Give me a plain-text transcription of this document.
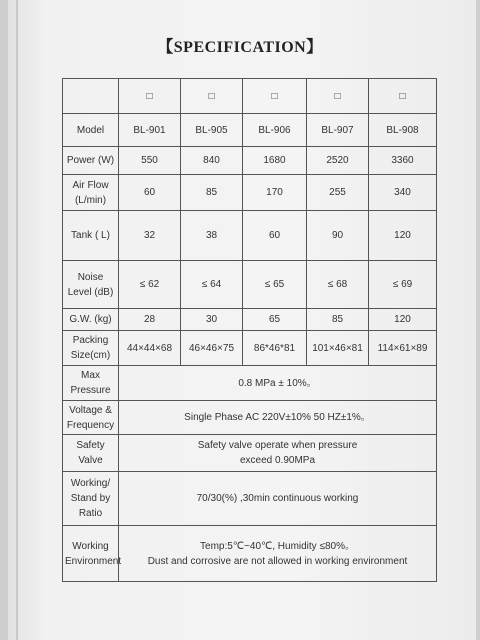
【SPECIFICATION】
	□	□	□	□	□
Model	BL-901	BL-905	BL-906	BL-907	BL-908
Power (W)	550	840	1680	2520	3360
Air Flow (L/min)	60	85	170	255	340
Tank ( L)	32	38	60	90	120
Noise Level (dB)	≤ 62	≤ 64	≤ 65	≤ 68	≤ 69
G.W. (kg)	28	30	65	85	120
Packing Size(cm)	44×44×68	46×46×75	86*46*81	101×46×81	114×61×89
Max Pressure	0.8 MPa ± 10%。				
Voltage & Frequency	Single Phase AC 220V±10% 50 HZ±1%。				
Safety Valve	Safety valve operate when pressure
exceed 0.90MPa				

Working/ Stand by Ratio	70/30(%) ,30min continuous working				
Working Environment	Temp:5℃~40℃, Humidity ≤80%。
Dust and corrosive are not allowed in working environment				
